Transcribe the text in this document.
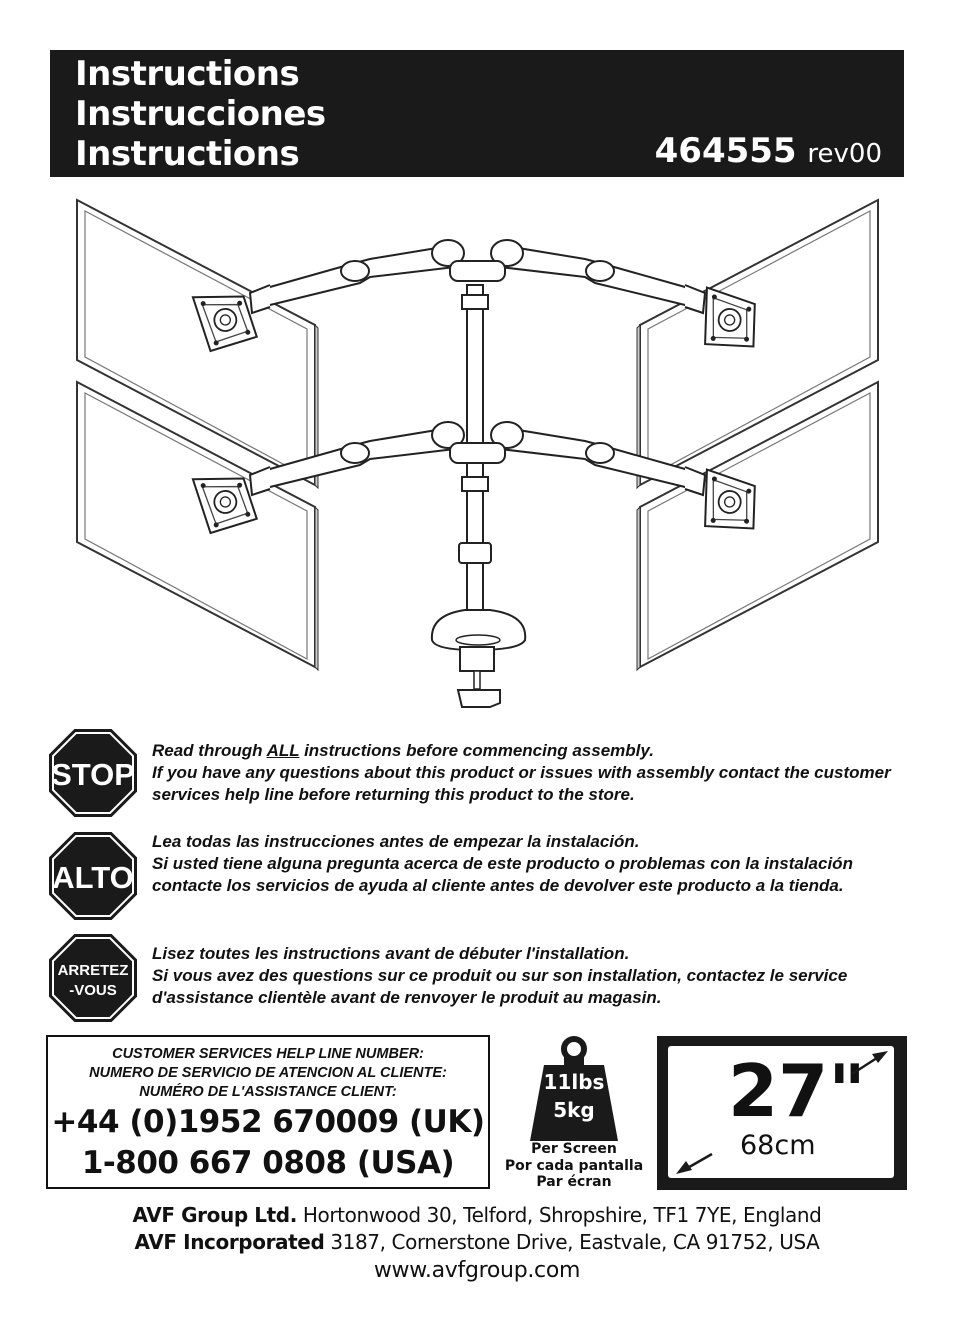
Instructions
Instrucciones
Instructions	464555 rev00
STOP
ALTO
ARRETEZ
-VOUS
Read through ALL instructions before commencing assembly.
If you have any questions about this product or issues with assembly contact the customer services help line before returning this product to the store.
Lea todas las instrucciones antes de empezar la instalación.
Si usted tiene alguna pregunta acerca de este producto o problemas con la instalación contacte los servicios de ayuda al cliente antes de devolver este producto a la tienda.
Lisez toutes les instructions avant de débuter l'installation.
Si vous avez des questions sur ce produit ou sur son installation, contactez le service d'assistance clientèle avant de renvoyer le produit au magasin.
CUSTOMER SERVICES HELP LINE NUMBER:
NUMERO DE SERVICIO DE ATENCION AL CLIENTE:
NUMÉRO DE L'ASSISTANCE CLIENT:
+44 (0)1952 670009 (UK)
1-800 667 0808 (USA)
11lbs
5kg
Per Screen
Por cada pantalla
Par écran
27"
68cm
AVF Group Ltd. Hortonwood 30, Telford, Shropshire, TF1 7YE, England
AVF Incorporated 3187, Cornerstone Drive, Eastvale, CA 91752, USA
www.avfgroup.com
